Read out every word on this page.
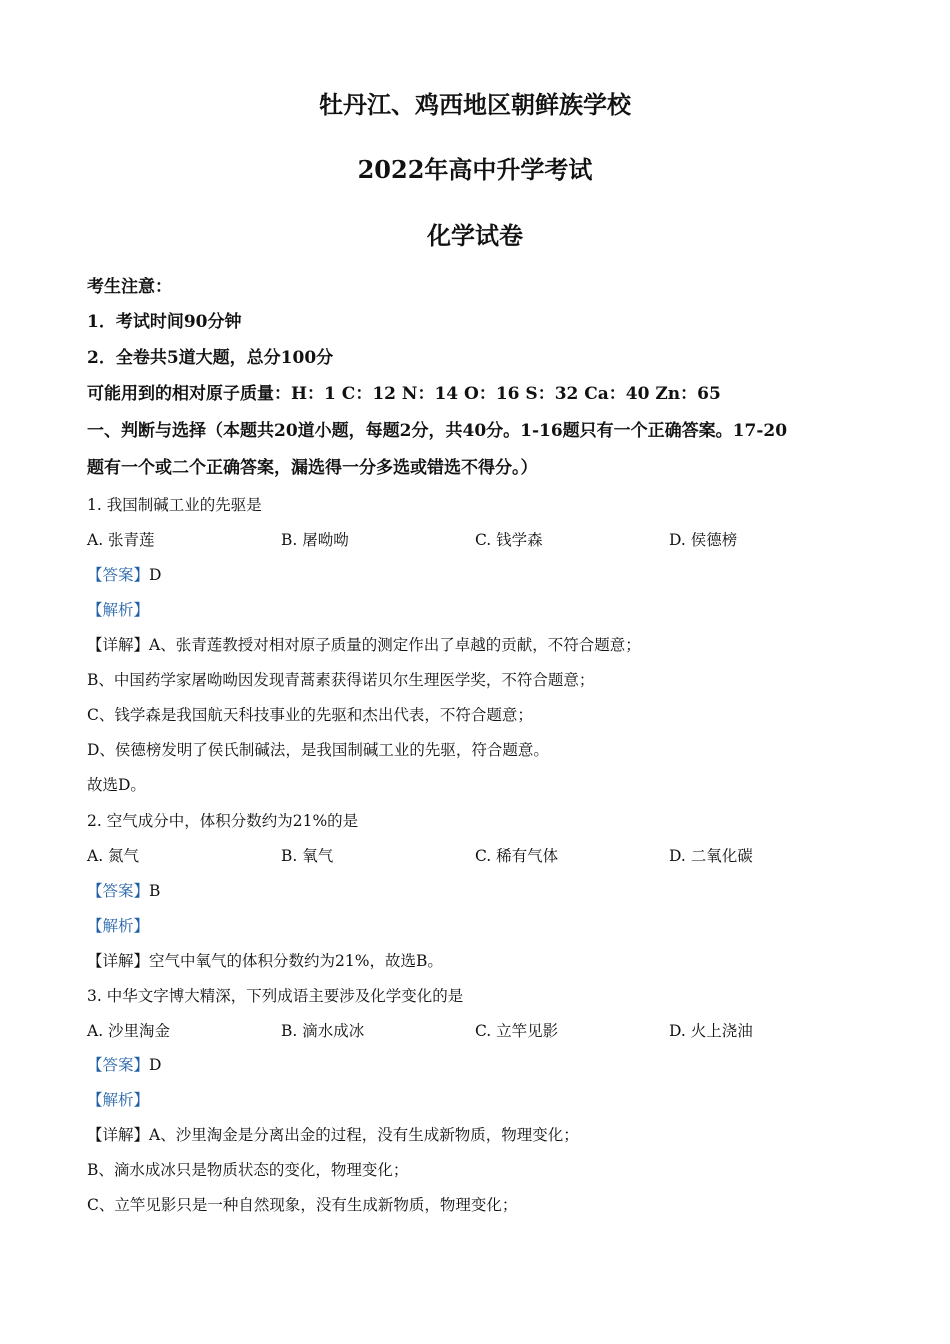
牡丹江、鸡西地区朝鲜族学校
2022年高中升学考试
化学试卷
考生注意：
1．考试时间90分钟
2．全卷共5道大题，总分100分
可能用到的相对原子质量：H：1 C：12 N：14 O：16 S：32 Ca：40 Zn：65
一、判断与选择（本题共20道小题，每题2分，共40分。1-16题只有一个正确答案。17-20
题有一个或二个正确答案，漏选得一分多选或错选不得分。）
1. 我国制碱工业的先驱是
A. 张青莲	B. 屠呦呦	C. 钱学森	D. 侯德榜
【答案】D
【解析】
【详解】A、张青莲教授对相对原子质量的测定作出了卓越的贡献，不符合题意；
B、中国药学家屠呦呦因发现青蒿素获得诺贝尔生理医学奖，不符合题意；
C、钱学森是我国航天科技事业的先驱和杰出代表，不符合题意；
D、侯德榜发明了侯氏制碱法，是我国制碱工业的先驱，符合题意。
故选D。
2. 空气成分中，体积分数约为21%的是
A. 氮气	B. 氧气	C. 稀有气体	D. 二氧化碳
【答案】B
【解析】
【详解】空气中氧气的体积分数约为21%，故选B。
3. 中华文字博大精深，下列成语主要涉及化学变化的是
A. 沙里淘金	B. 滴水成冰	C. 立竿见影	D. 火上浇油
【答案】D
【解析】
【详解】A、沙里淘金是分离出金的过程，没有生成新物质，物理变化；
B、滴水成冰只是物质状态的变化，物理变化；
C、立竿见影只是一种自然现象，没有生成新物质，物理变化；
